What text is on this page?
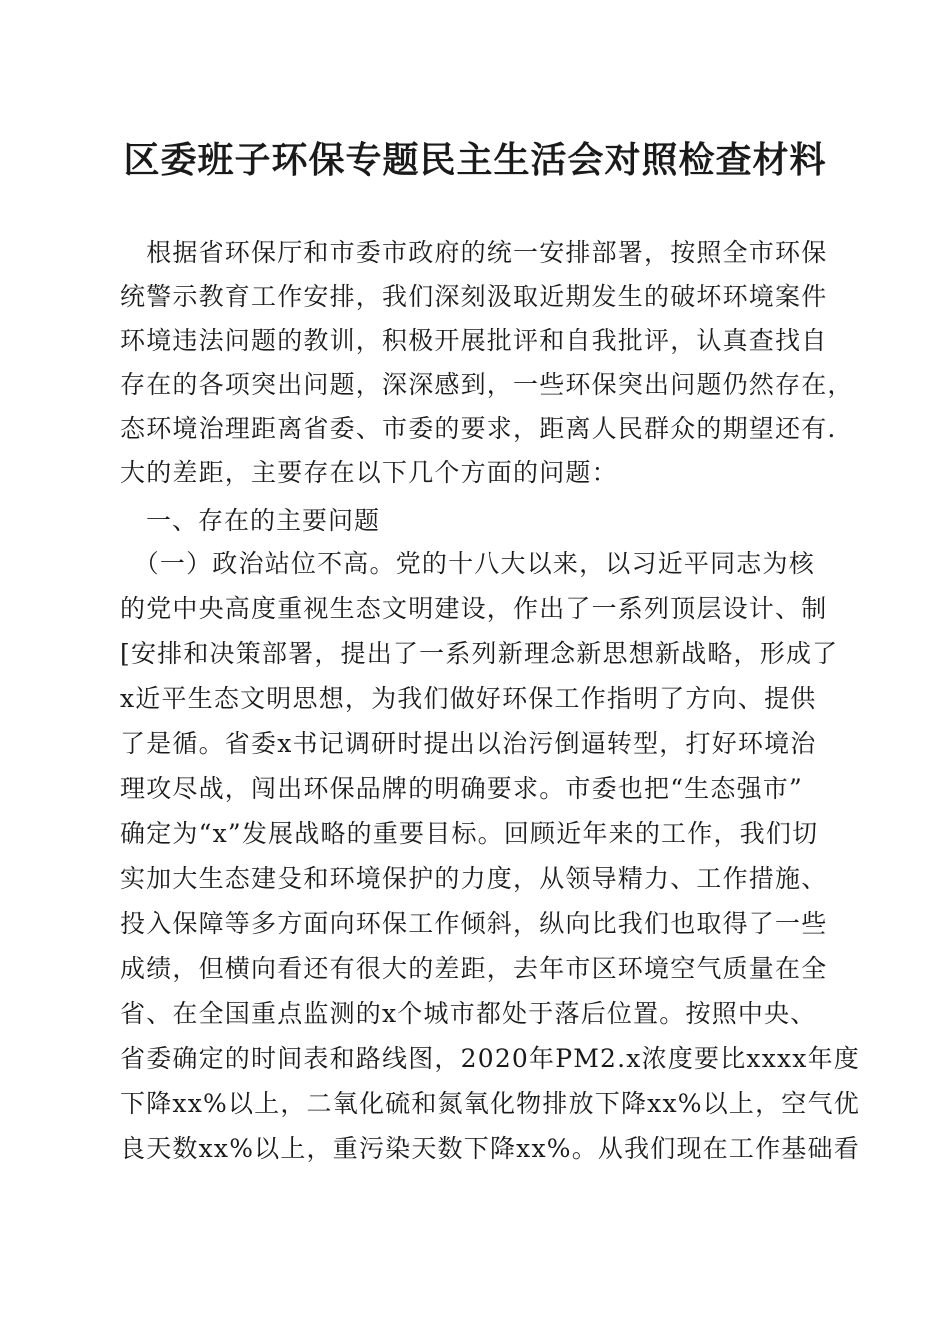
区委班子环保专题民主生活会对照检查材料
　根据省环保厅和市委市政府的统一安排部署，按照全市环保
统警示教育工作安排，我们深刻汲取近期发生的破坏环境案件
环境违法问题的教训，积极开展批评和自我批评，认真查找自
存在的各项突出问题，深深感到，一些环保突出问题仍然存在，
态环境治理距离省委、市委的要求，距离人民群众的期望还有.
大的差距，主要存在以下几个方面的问题：
　一、存在的主要问题
　（一）政治站位不高。党的十八大以来，以习近平同志为核
的党中央高度重视生态文明建设，作出了一系列顶层设计、制
[安排和决策部署，提出了一系列新理念新思想新战略，形成了
x近平生态文明思想，为我们做好环保工作指明了方向、提供
了是循。省委x书记调研时提出以治污倒逼转型，打好环境治
理攻尽战，闯出环保品牌的明确要求。市委也把“生态强市”
确定为“x”发展战略的重要目标。回顾近年来的工作，我们切
实加大生态建殳和环境保护的力度，从领导精力、工作措施、
投入保障等多方面向环保工作倾斜，纵向比我们也取得了一些
成绩，但横向看还有很大的差距，去年市区环境空气质量在全
省、在全国重点监测的x个城市都处于落后位置。按照中央、
省委确定的时间表和路线图，2020年PM2.x浓度要比xxxx年度
下降xx%以上，二氧化硫和氮氧化物排放下降xx%以上，空气优
良天数xx%以上，重污染天数下降xx%。从我们现在工作基础看
